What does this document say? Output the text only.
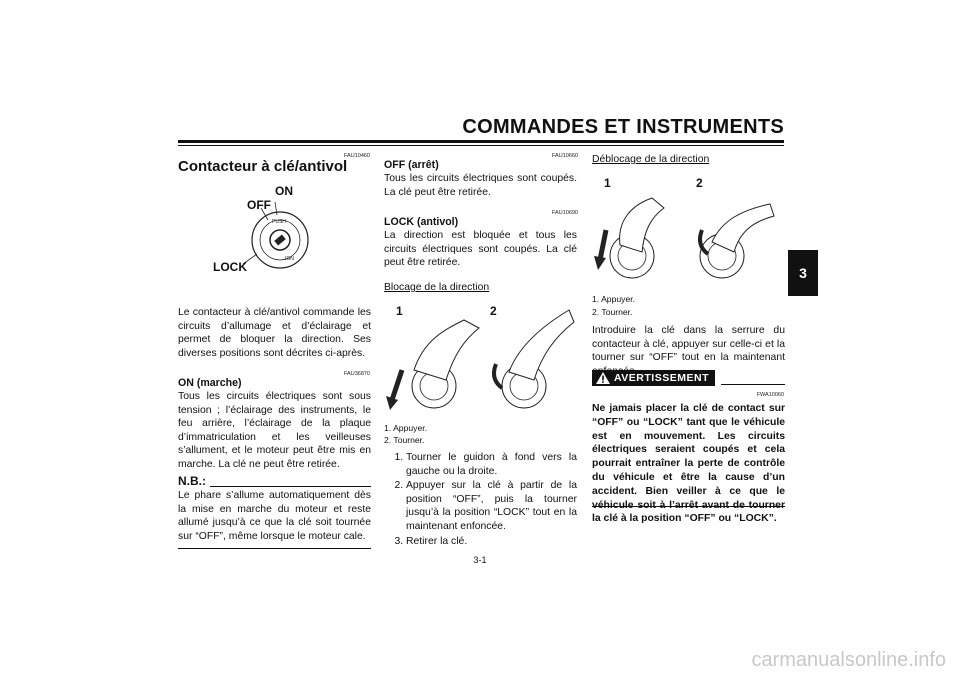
COMMANDES ET INSTRUMENTS
3
FAU10460
Contacteur à clé/antivol
PUSH
IGN
ON
OFF
LOCK
Le contacteur à clé/antivol commande les circuits d’allumage et d’éclairage et permet de bloquer la direction. Ses diverses positions sont décrites ci-après.
FAU36870
ON (marche)
Tous les circuits électriques sont sous tension ; l’éclairage des instruments, le feu arrière, l’éclairage de la plaque d’immatriculation et les veilleuses s’allument, et le moteur peut être mis en marche. La clé ne peut être retirée.
N.B.:
Le phare s’allume automatiquement dès la mise en marche du moteur et reste allumé jusqu’à ce que la clé soit tournée sur “OFF”, même lorsque le moteur cale.
FAU10660
OFF (arrêt)
Tous les circuits électriques sont coupés. La clé peut être retirée.
FAU10690
LOCK (antivol)
La direction est bloquée et tous les circuits électriques sont coupés. La clé peut être retirée.
Blocage de la direction
1	2
1. Appuyer.
2. Tourner.
1. Tourner le guidon à fond vers la gauche ou la droite.
2. Appuyer sur la clé à partir de la position “OFF”, puis la tourner jusqu’à la position “LOCK” tout en la maintenant enfoncée.
3. Retirer la clé.
Déblocage de la direction
1	2
1. Appuyer.
2. Tourner.
Introduire la clé dans la serrure du contacteur à clé, appuyer sur celle-ci et la tourner sur “OFF” tout en la maintenant
AVERTISSEMENT
FWA10060
Ne jamais placer la clé de contact sur “OFF” ou “LOCK” tant que le véhicule est en mouvement. Les circuits électriques seraient coupés et cela pourrait entraîner la perte de contrôle du véhicule et être la cause d’un accident. Bien veiller à ce que le la clé à la position “OFF” ou “LOCK”.
3-1
carmanualsonline.info
